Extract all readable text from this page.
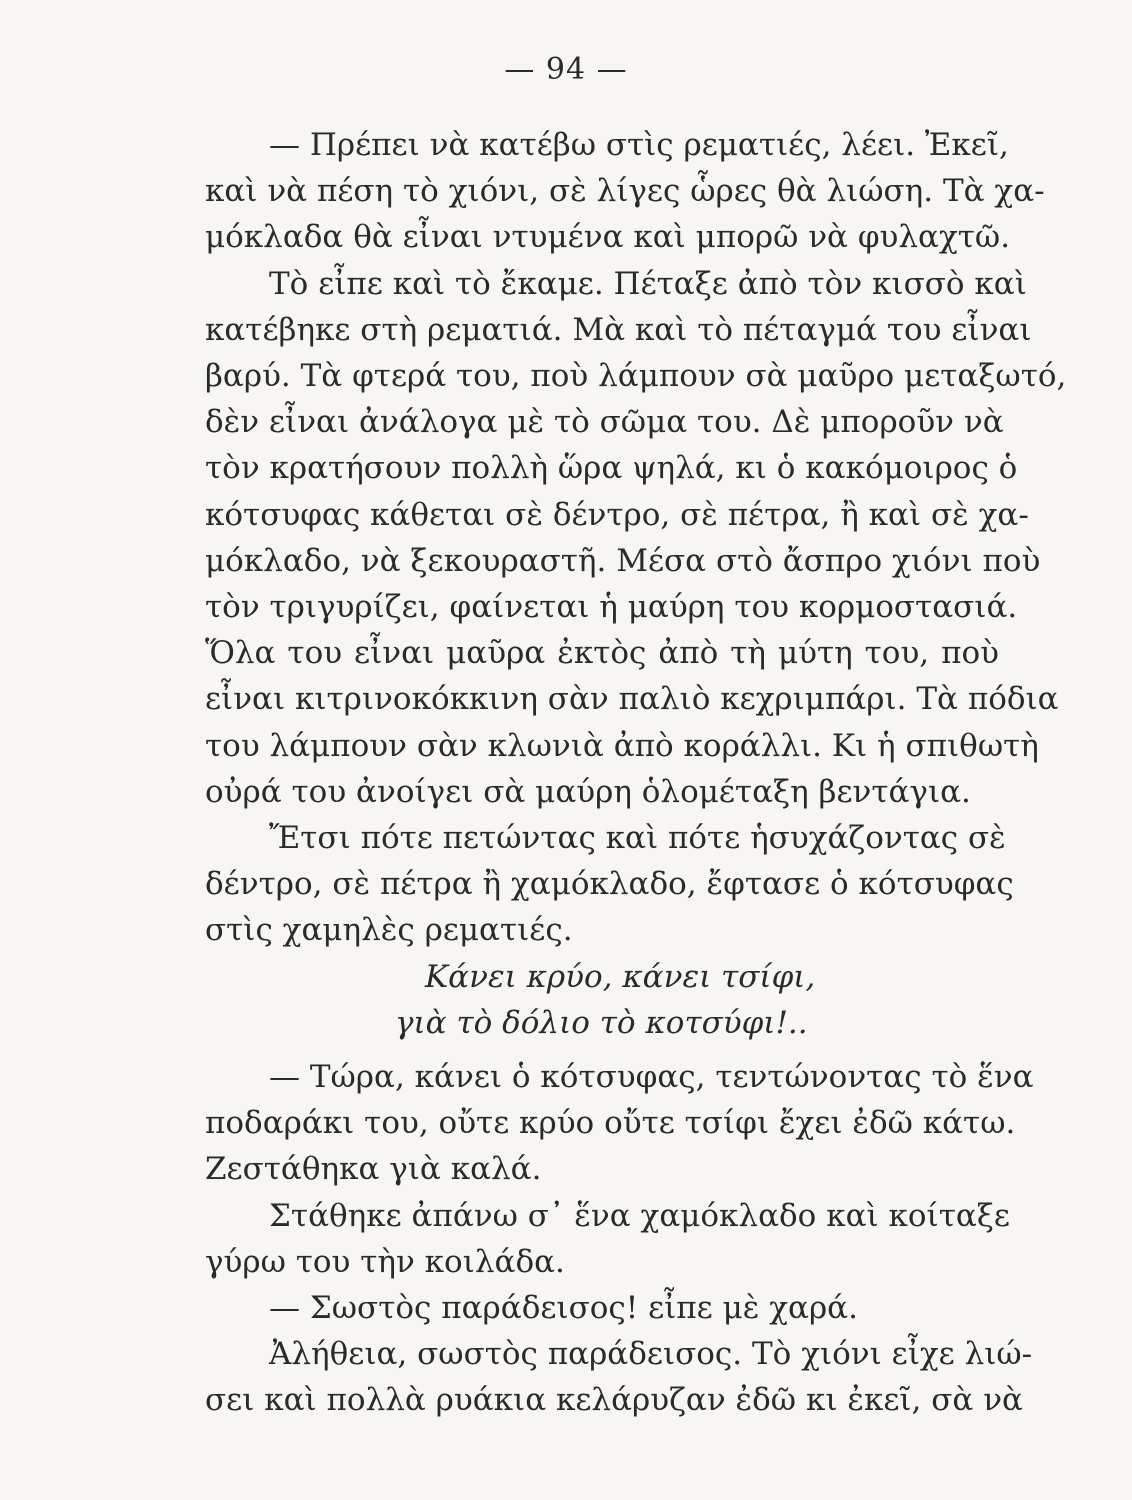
— 94 —
— Πρέπει νὰ κατέβω στὶς ρεματιές, λέει. Ἐκεῖ,
καὶ νὰ πέση τὸ χιόνι, σὲ λίγες ὧρες θὰ λιώση. Τὰ χα-
μόκλαδα θὰ εἶναι ντυμένα καὶ μπορῶ νὰ φυλαχτῶ.
Τὸ εἶπε καὶ τὸ ἔκαμε. Πέταξε ἀπὸ τὸν κισσὸ καὶ
κατέβηκε στὴ ρεματιά. Μὰ καὶ τὸ πέταγμά του εἶναι
βαρύ. Τὰ φτερά του, ποὺ λάμπουν σὰ μαῦρο μεταξωτό,
δὲν εἶναι ἀνάλογα μὲ τὸ σῶμα του. Δὲ μποροῦν νὰ
τὸν κρατήσουν πολλὴ ὥρα ψηλά, κι ὁ κακόμοιρος ὁ
κότσυφας κάθεται σὲ δέντρο, σὲ πέτρα, ἢ καὶ σὲ χα-
μόκλαδο, νὰ ξεκουραστῆ. Μέσα στὸ ἄσπρο χιόνι ποὺ
τὸν τριγυρίζει, φαίνεται ἡ μαύρη του κορμοστασιά.
Ὅλα του εἶναι μαῦρα ἐκτὸς ἀπὸ τὴ μύτη του, ποὺ
εἶναι κιτρινοκόκκινη σὰν παλιὸ κεχριμπάρι. Τὰ πόδια
του λάμπουν σὰν κλωνιὰ ἀπὸ κοράλλι. Κι ἡ σπιθωτὴ
οὐρά του ἀνοίγει σὰ μαύρη ὁλομέταξη βεντάγια.
Ἔτσι πότε πετώντας καὶ πότε ἡσυχάζοντας σὲ
δέντρο, σὲ πέτρα ἢ χαμόκλαδο, ἔφτασε ὁ κότσυφας
στὶς χαμηλὲς ρεματιές.
Κάνει κρύο, κάνει τσίφι,
γιὰ τὸ δόλιο τὸ κοτσύφι!..
— Τώρα, κάνει ὁ κότσυφας, τεντώνοντας τὸ ἕνα
ποδαράκι του, οὔτε κρύο οὔτε τσίφι ἔχει ἐδῶ κάτω.
Ζεστάθηκα γιὰ καλά.
Στάθηκε ἀπάνω σ᾿ ἕνα χαμόκλαδο καὶ κοίταξε
γύρω του τὴν κοιλάδα.
— Σωστὸς παράδεισος! εἶπε μὲ χαρά.
Ἀλήθεια, σωστὸς παράδεισος. Τὸ χιόνι εἶχε λιώ-
σει καὶ πολλὰ ρυάκια κελάρυζαν ἐδῶ κι ἐκεῖ, σὰ νὰ
